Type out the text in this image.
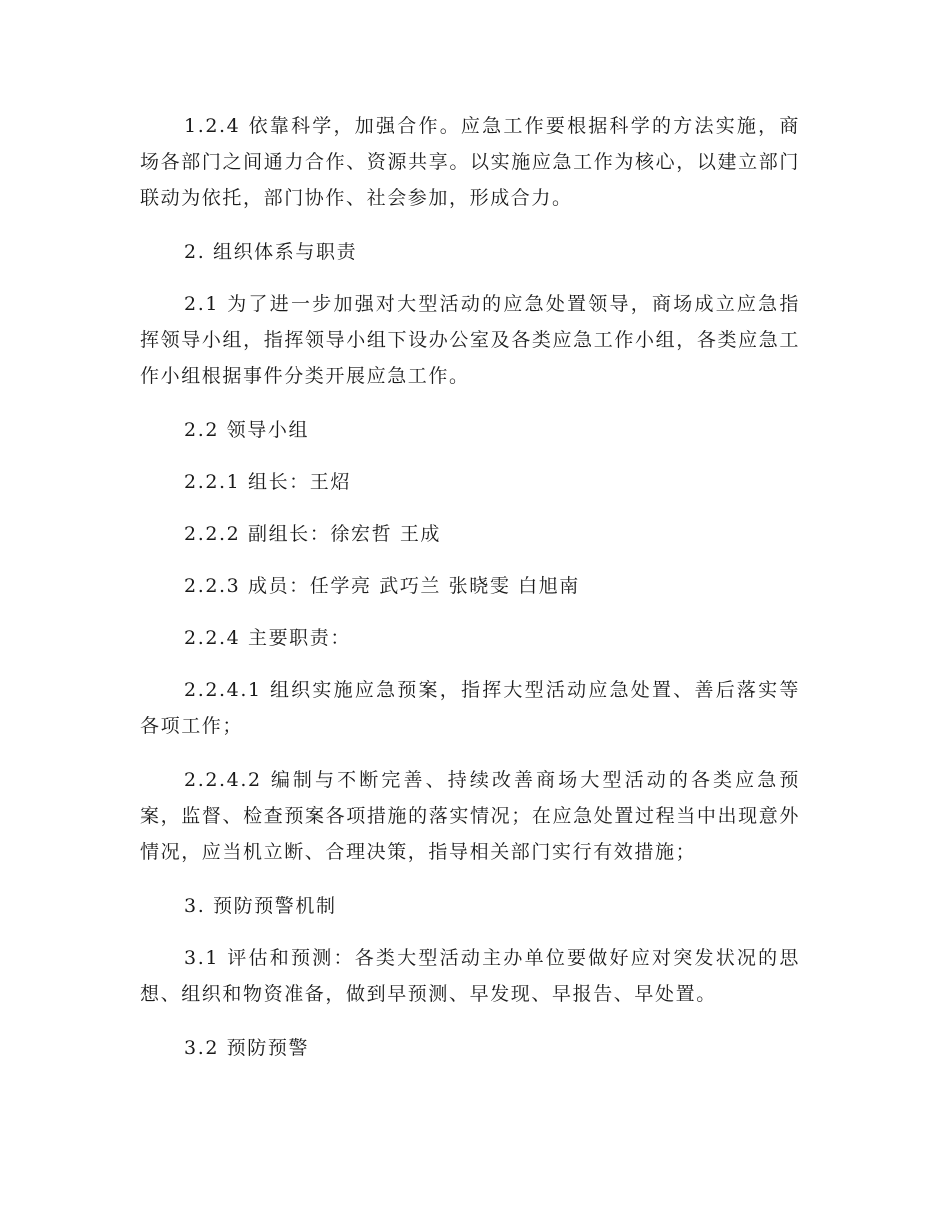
1.2.4 依靠科学，加强合作。应急工作要根据科学的方法实施，商场各部门之间通力合作、资源共享。以实施应急工作为核心，以建立部门联动为依托，部门协作、社会参加，形成合力。

2. 组织体系与职责

2.1 为了进一步加强对大型活动的应急处置领导，商场成立应急指挥领导小组，指挥领导小组下设办公室及各类应急工作小组，各类应急工作小组根据事件分类开展应急工作。

2.2 领导小组

2.2.1 组长：王炤

2.2.2 副组长：徐宏哲 王成

2.2.3 成员：任学亮 武巧兰 张晓雯 白旭南

2.2.4 主要职责：

2.2.4.1 组织实施应急预案，指挥大型活动应急处置、善后落实等各项工作；

2.2.4.2 编制与不断完善、持续改善商场大型活动的各类应急预案，监督、检查预案各项措施的落实情况；在应急处置过程当中出现意外情况，应当机立断、合理决策，指导相关部门实行有效措施；

3. 预防预警机制

3.1 评估和预测：各类大型活动主办单位要做好应对突发状况的思想、组织和物资准备，做到早预测、早发现、早报告、早处置。

3.2 预防预警
